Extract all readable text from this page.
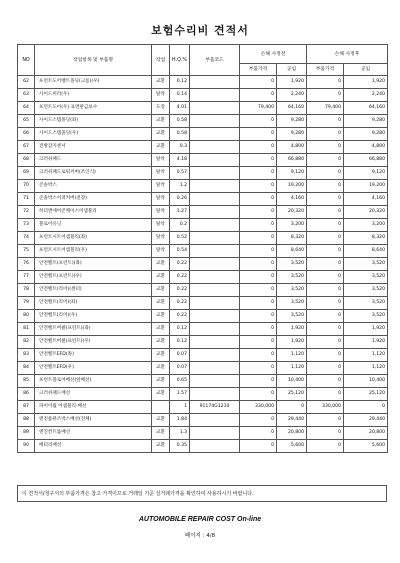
보험수리비 견적서
NO	작업항목 및 부품명	작업	H.Q.%	부품코드	손해 사정전		손해 사정후	
					부품가격	공임	부품가격	공임
62	프런트도어벨트몰딩(크롬)(우)	교환	0.12		0	1,920	0	1,920
63	사이드미러(우)	탈착	0.14		0	2,240	0	2,240
64	프런트도어(우) 표면판금보수	도장	4.01		79,400	64,160	79,400	64,160
65	사이드스텝몰딩(좌)	교환	0.58		0	9,280	0	9,280
66	사이드스텝몰딩(우)	교환	0.58		0	9,280	0	9,280
67	전방감지센서	교환	0.3		0	4,800	0	4,800
68	크러쉬패드	탈착	4.18		0	66,880	0	66,880
69	크러쉬패드로워커버(조인식)	탈착	0.57		0	9,120	0	9,120
70	콘솔박스	탈착	1.2		0	19,200	0	19,200
71	콘솔박스어퍼커버(전장)	탈착	0.26		0	4,160	0	4,160
72	히터앤에어콘케이스어셈블리	탈착	1.27		0	20,320	0	20,320
73	블로어유닛	탈착	0.2		0	3,200	0	3,200
74	프런트시트어셈블리(좌)	탈착	0.52		0	8,320	0	8,320
75	프런트시트어셈블리(우)	탈착	0.54		0	8,640	0	8,640
76	안전벨트(프런트)(좌)	교환	0.22		0	3,520	0	3,520
77	안전벨트(프런트)(우)	교환	0.22		0	3,520	0	3,520
78	안전벨트(리어)(센터)	교환	0.22		0	3,520	0	3,520
79	안전벨트(리어)(좌)	교환	0.22		0	3,520	0	3,520
80	안전벨트(리어)(우)	교환	0.22		0	3,520	0	3,520
81	안전벨트버클(프런트)(좌)	교환	0.12		0	1,920	0	1,920
82	안전벨트버클(프런트)(우)	교환	0.12		0	1,920	0	1,920
83	안전벨트EFD(좌)	교환	0.07		0	1,120	0	1,120
84	안전벨트EFD(우)	교환	0.07		0	1,120	0	1,120
85	프런트플로어배선(앞배선)	교환	0.65		0	10,400	0	10,400
86	크러쉬패드배선	교환	1.57		0	25,120	0	25,120
87	파이어월 어셈블리-배선		1	91174G1210	330,000	0	330,000	0
88	엔진룸퓨즈박스배선(전체)	교환	1.84		0	29,440	0	29,440
89	엔진컨트롤배선	교환	1.3		0	20,800	0	20,800
90	배터리배선	교환	0.35		0	5,600	0	5,600
이 견적서/청구서의 부품가격은 참고 가격이므로 거래일 기준 실거래가격을 확인하여 사용하시기 바랍니다.
AUTOMOBILE REPAIR COST On-line
페이지 : 4/8
